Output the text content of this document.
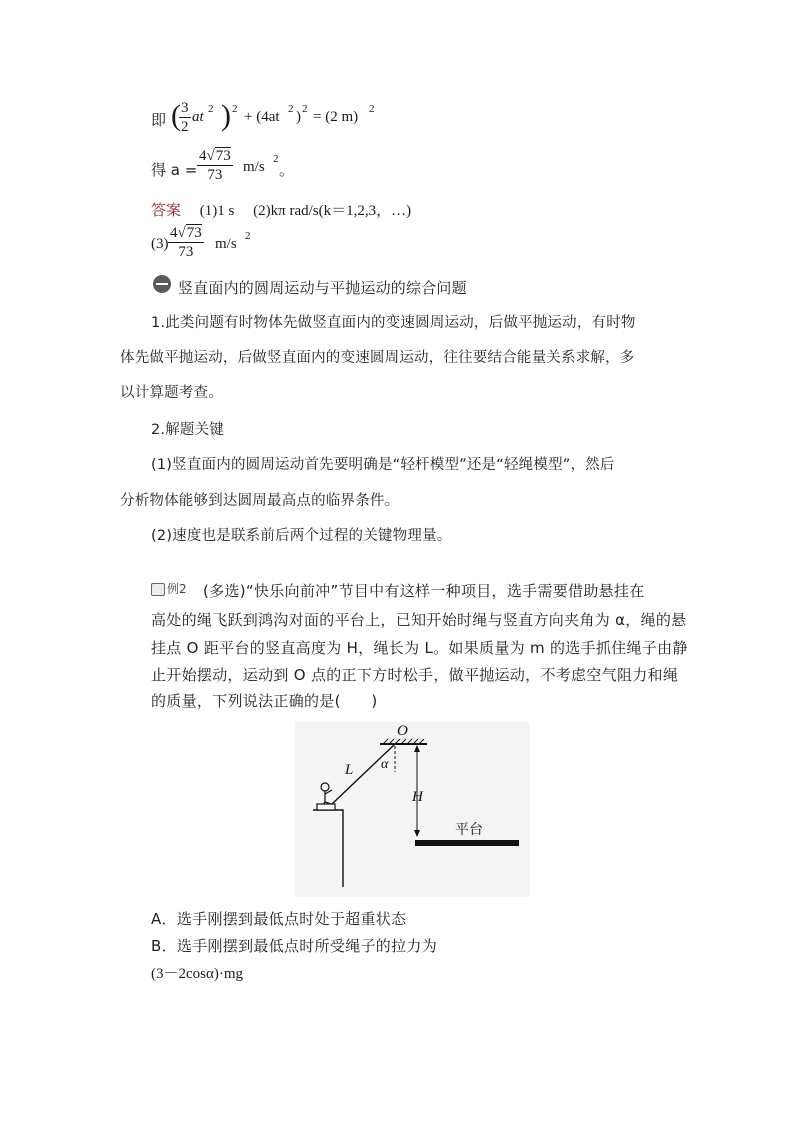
即 (
$\frac{3}{2}$ at 2 ) 2 + (4at 2 ) 2 = (2 m) 2
得 $a = \frac{4√73}{73} m/s$ 2
。
答案 (1)1 s (2)kπ rad/s(k＝1,2,3，…)
$(3) \frac{4√73}{73} m/s$ 2
竖直面内的圆周运动与平抛运动的综合问题
1.此类问题有时物体先做竖直面内的变速圆周运动，后做平抛运动，有时物
体先做平抛运动，后做竖直面内的变速圆周运动，往往要结合能量关系求解，多
以计算题考查。
2.解题关键
(1)竖直面内的圆周运动首先要明确是“轻杆模型”还是“轻绳模型”，然后
分析物体能够到达圆周最高点的临界条件。
(2)速度也是联系前后两个过程的关键物理量。
例2 (多选)“快乐向前冲”节目中有这样一种项目，选手需要借助悬挂在
高处的绳飞跃到鸿沟对面的平台上，已知开始时绳与竖直方向夹角为 α，绳的悬
挂点 O 距平台的竖直高度为 H，绳长为 L。如果质量为 m 的选手抓住绳子由静
止开始摆动，运动到 O 点的正下方时松手，做平抛运动，不考虑空气阻力和绳
的质量，下列说法正确的是(　　)
O
L α
H
平台
A．选手刚摆到最低点时处于超重状态
B．选手刚摆到最低点时所受绳子的拉力为
(3－2cosα)·mg
